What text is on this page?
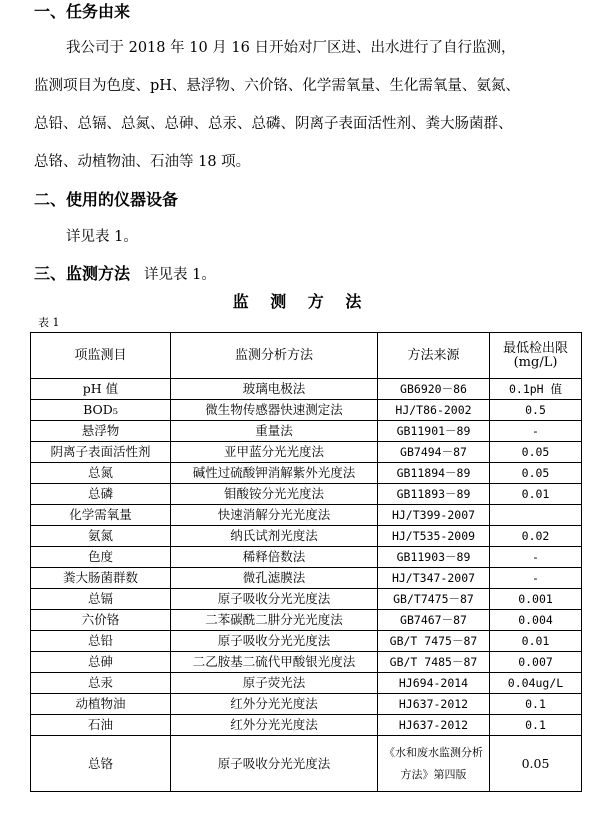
一、任务由来
我公司于 2018 年 10 月 16 日开始对厂区进、出水进行了自行监测，
监测项目为色度、pH、悬浮物、六价铬、化学需氧量、生化需氧量、氨氮、
总铅、总镉、总氮、总砷、总汞、总磷、阴离子表面活性剂、粪大肠菌群、
总铬、动植物油、石油等 18 项。
二、使用的仪器设备
详见表 1。
三、监测方法 详见表 1。
监 测 方 法
表 1
项监测目	监测分析方法	方法来源	最低检出限(mg/L)
pH 值	玻璃电极法	GB6920－86	0.1pH 值
BOD₅	微生物传感器快速测定法	HJ/T86-2002	0.5
悬浮物	重量法	GB11901－89	-
阴离子表面活性剂	亚甲蓝分光光度法	GB7494－87	0.05
总氮	碱性过硫酸钾消解紫外光度法	GB11894－89	0.05
总磷	钼酸铵分光光度法	GB11893－89	0.01
化学需氧量	快速消解分光光度法	HJ/T399-2007	
氨氮	纳氏试剂光度法	HJ/T535-2009	0.02
色度	稀释倍数法	GB11903－89	-
粪大肠菌群数	微孔滤膜法	HJ/T347-2007	-
总镉	原子吸收分光光度法	GB/T7475－87	0.001
六价铬	二苯碳酰二肼分光光度法	GB7467－87	0.004
总铅	原子吸收分光光度法	GB/T 7475－87	0.01
总砷	二乙胺基二硫代甲酸银光度法	GB/T 7485－87	0.007
总汞	原子荧光法	HJ694-2014	0.04ug/L
动植物油	红外分光光度法	HJ637-2012	0.1
石油	红外分光光度法	HJ637-2012	0.1
总铬	原子吸收分光光度法	《水和废水监测分析方法》第四版	0.05
